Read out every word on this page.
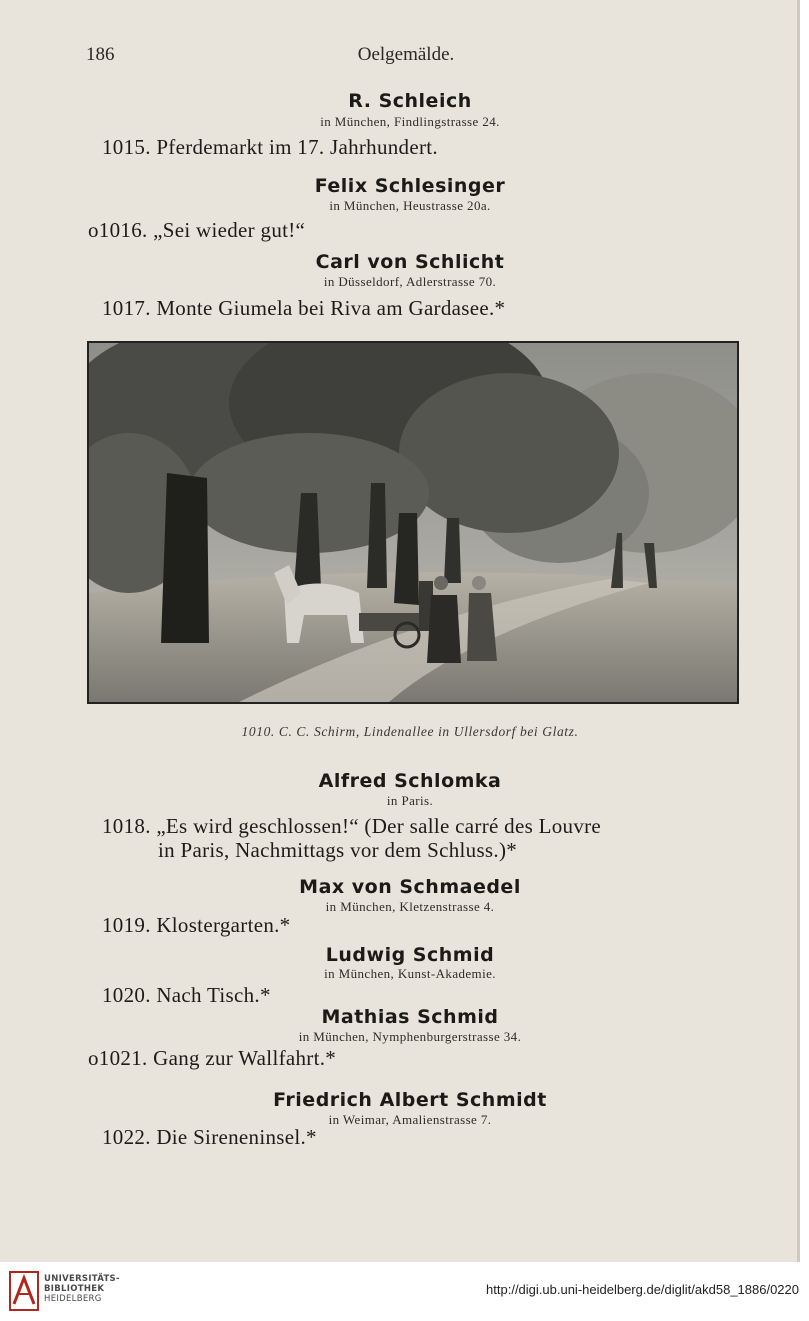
186	Oelgemälde.
R. Schleich
in München, Findlingstrasse 24.
1015. Pferdemarkt im 17. Jahrhundert.
Felix Schlesinger
in München, Heustrasse 20a.
o1016. „Sei wieder gut!“
Carl von Schlicht
in Düsseldorf, Adlerstrasse 70.
1017. Monte Giumela bei Riva am Gardasee.*
1010. C. C. Schirm, Lindenallee in Ullersdorf bei Glatz.
Alfred Schlomka
in Paris.
1018. „Es wird geschlossen!“ (Der salle carré des Louvre
in Paris, Nachmittags vor dem Schluss.)*
Max von Schmaedel
in München, Kletzenstrasse 4.
1019. Klostergarten.*
Ludwig Schmid
in München, Kunst-Akademie.
1020. Nach Tisch.*
Mathias Schmid
in München, Nymphenburgerstrasse 34.
o1021. Gang zur Wallfahrt.*
Friedrich Albert Schmidt
in Weimar, Amalienstrasse 7.
1022. Die Sireneninsel.*
UNIVERSITÄTS-
BIBLIOTHEK
HEIDELBERG
http://digi.ub.uni-heidelberg.de/diglit/akd58_1886/0220
